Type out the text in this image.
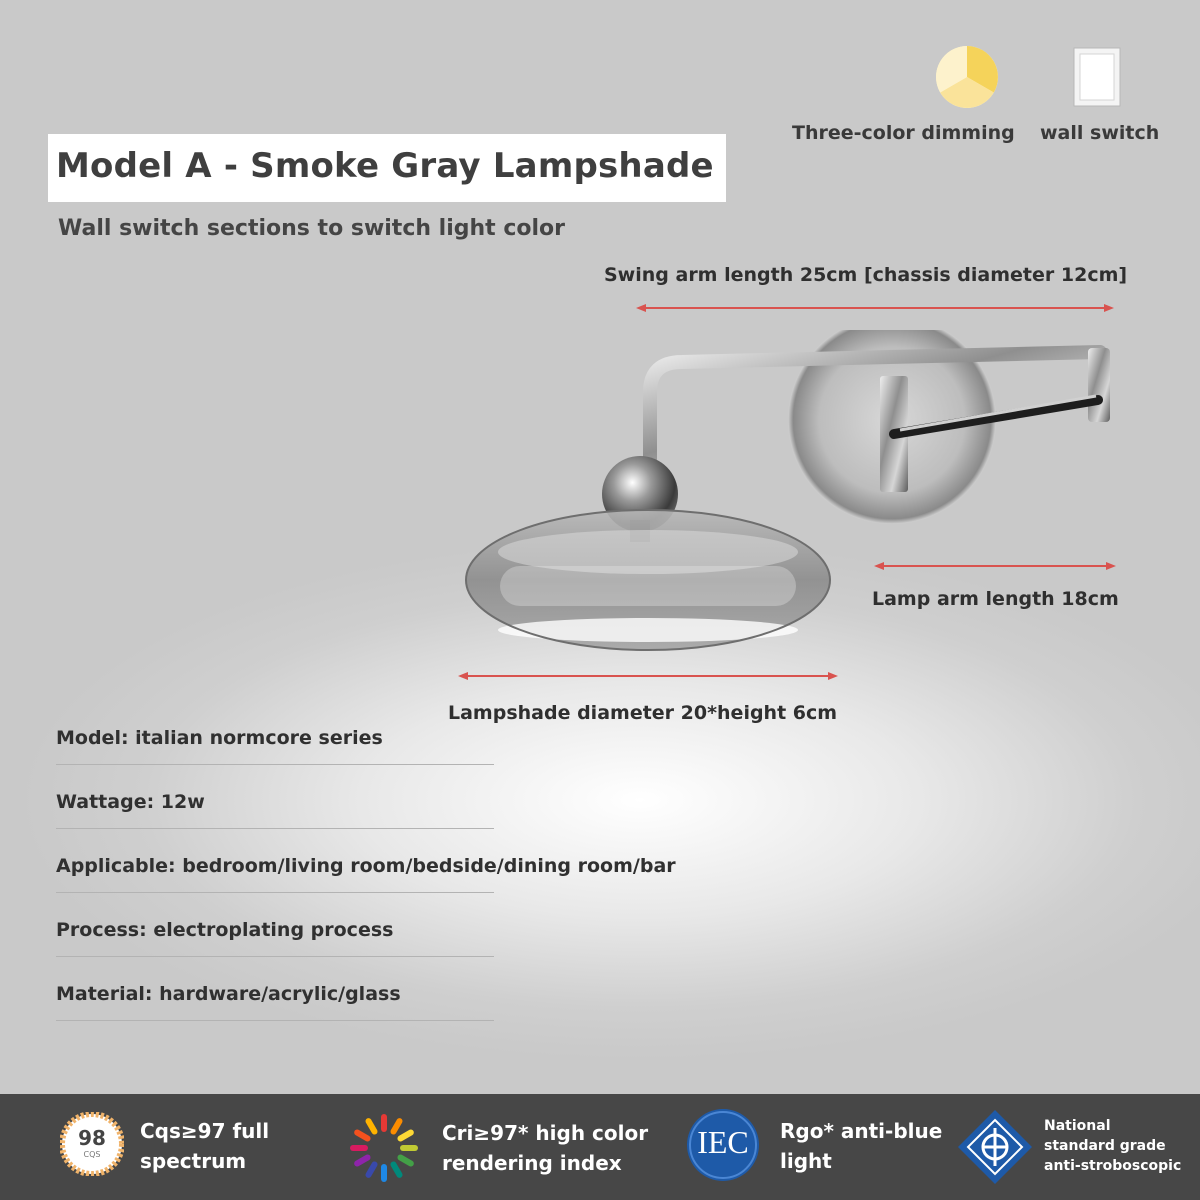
Model A - Smoke Gray Lampshade
Wall switch sections to switch light color
Three-color dimming wall switch
Swing arm length 25cm [chassis diameter 12cm]
Lamp arm length 18cm
Lampshade diameter 20*height 6cm
Model: italian normcore series
Wattage: 12w
Applicable: bedroom/living room/bedside/dining room/bar
Process: electroplating process
Material: hardware/acrylic/glass
98
CQS
Cqs≥97 full
spectrum
Cri≥97* high color
rendering index
IEC	Rgo* anti-blue
light
National
standard grade
anti-stroboscopic
